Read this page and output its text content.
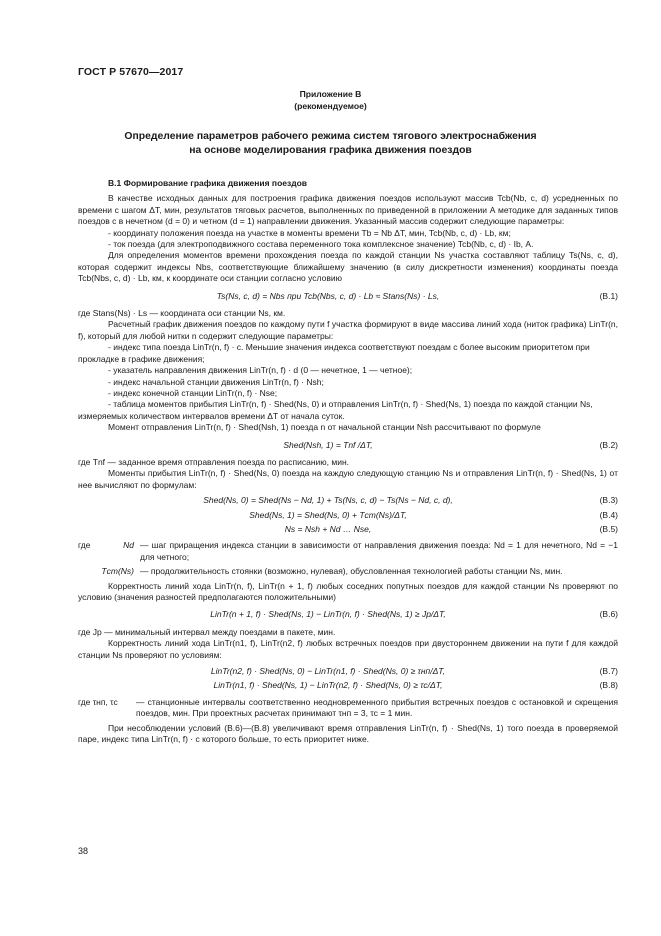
ГОСТ Р 57670—2017
Приложение В
(рекомендуемое)
Определение параметров рабочего режима систем тягового электроснабжения
на основе моделирования графика движения поездов
В.1 Формирование графика движения поездов
В качестве исходных данных для построения графика движения поездов используют массив Tcb(Nb, c, d) усредненных по времени с шагом ΔT, мин, результатов тяговых расчетов, выполненных по приведенной в приложении А методике для заданных типов поездов с в нечетном (d = 0) и четном (d = 1) направлении движения. Указанный массив содержит следующие параметры:
- координату положения поезда на участке в моменты времени Tb = Nb ΔT, мин, Tcb(Nb, c, d) · Lb, км;
- ток поезда (для электроподвижного состава переменного тока комплексное значение) Tcb(Nb, c, d) · Ib, А.
Для определения моментов времени прохождения поезда по каждой станции Ns участка составляют таблицу Ts(Ns, c, d), которая содержит индексы Nbs, соответствующие ближайшему значению (в силу дискретности изменения) координаты поезда Tcb(Nbs, c, d) · Lb, км, к координате оси станции согласно условию
Ts(Ns, c, d) = Nbs при Tcb(Nbs, c, d) · Lb ≈ Stans(Ns) · Ls,	(В.1)
где Stans(Ns) · Ls — координата оси станции Ns, км.
Расчетный график движения поездов по каждому пути f участка формируют в виде массива линий хода (ниток графика) LinTr(n, f), который для любой нитки n содержит следующие параметры:
- индекс типа поезда LinTr(n, f) · c. Меньшие значения индекса соответствуют поездам с более высоким приоритетом при прокладке в графике движения;
- указатель направления движения LinTr(n, f) · d (0 — нечетное, 1 — четное);
- индекс начальной станции движения LinTr(n, f) · Nsh;
- индекс конечной станции LinTr(n, f) · Nse;
- таблица моментов прибытия LinTr(n, f) · Shed(Ns, 0) и отправления LinTr(n, f) · Shed(Ns, 1) поезда по каждой станции Ns, измеряемых количеством интервалов времени ΔT от начала суток.
Момент отправления LinTr(n, f) · Shed(Nsh, 1) поезда n от начальной станции Nsh рассчитывают по формуле
Shed(Nsh, 1) = Tnf /ΔT,	(В.2)
где Tnf — заданное время отправления поезда по расписанию, мин.
Моменты прибытия LinTr(n, f) · Shed(Ns, 0) поезда на каждую следующую станцию Ns и отправления LinTr(n, f) · Shed(Ns, 1) от нее вычисляют по формулам:
Shed(Ns, 0) = Shed(Ns − Nd, 1) + Ts(Ns, c, d) − Ts(Ns − Nd, c, d),	(В.3)
Shed(Ns, 1) = Shed(Ns, 0) + Tст(Ns)/ΔT,	(В.4)
Ns = Nsh + Nd … Nse,	(В.5)
где	Nd — шаг приращения индекса станции в зависимости от направления движения поезда: Nd = 1 для нечетного, Nd = −1 для четного;
Tст(Ns) — продолжительность стоянки (возможно, нулевая), обусловленная технологией работы станции Ns, мин.
Корректность линий хода LinTr(n, f), LinTr(n + 1, f) любых соседних попутных поездов для каждой станции Ns проверяют по условию (значения разностей предполагаются положительными)
LinTr(n + 1, f) · Shed(Ns, 1) − LinTr(n, f) · Shed(Ns, 1) ≥ Jp/ΔT,	(В.6)
где Jp — минимальный интервал между поездами в пакете, мин.
Корректность линий хода LinTr(n1, f), LinTr(n2, f) любых встречных поездов при двустороннем движении на пути f для каждой станции Ns проверяют по условиям:
LinTr(n2, f) · Shed(Ns, 0) − LinTr(n1, f) · Shed(Ns, 0) ≥ τнп/ΔT,	(В.7)
LinTr(n1, f) · Shed(Ns, 1) − LinTr(n2, f) · Shed(Ns, 0) ≥ τс/ΔT,	(В.8)
где τнп, τс	— станционные интервалы соответственно неодновременного прибытия встречных поездов с остановкой и скрещения поездов, мин. При проектных расчетах принимают τнп = 3, τс = 1 мин.
При несоблюдении условий (В.6)—(В.8) увеличивают время отправления LinTr(n, f) · Shed(Ns, 1) того поезда в проверяемой паре, индекс типа LinTr(n, f) · c которого больше, то есть приоритет ниже.
38
